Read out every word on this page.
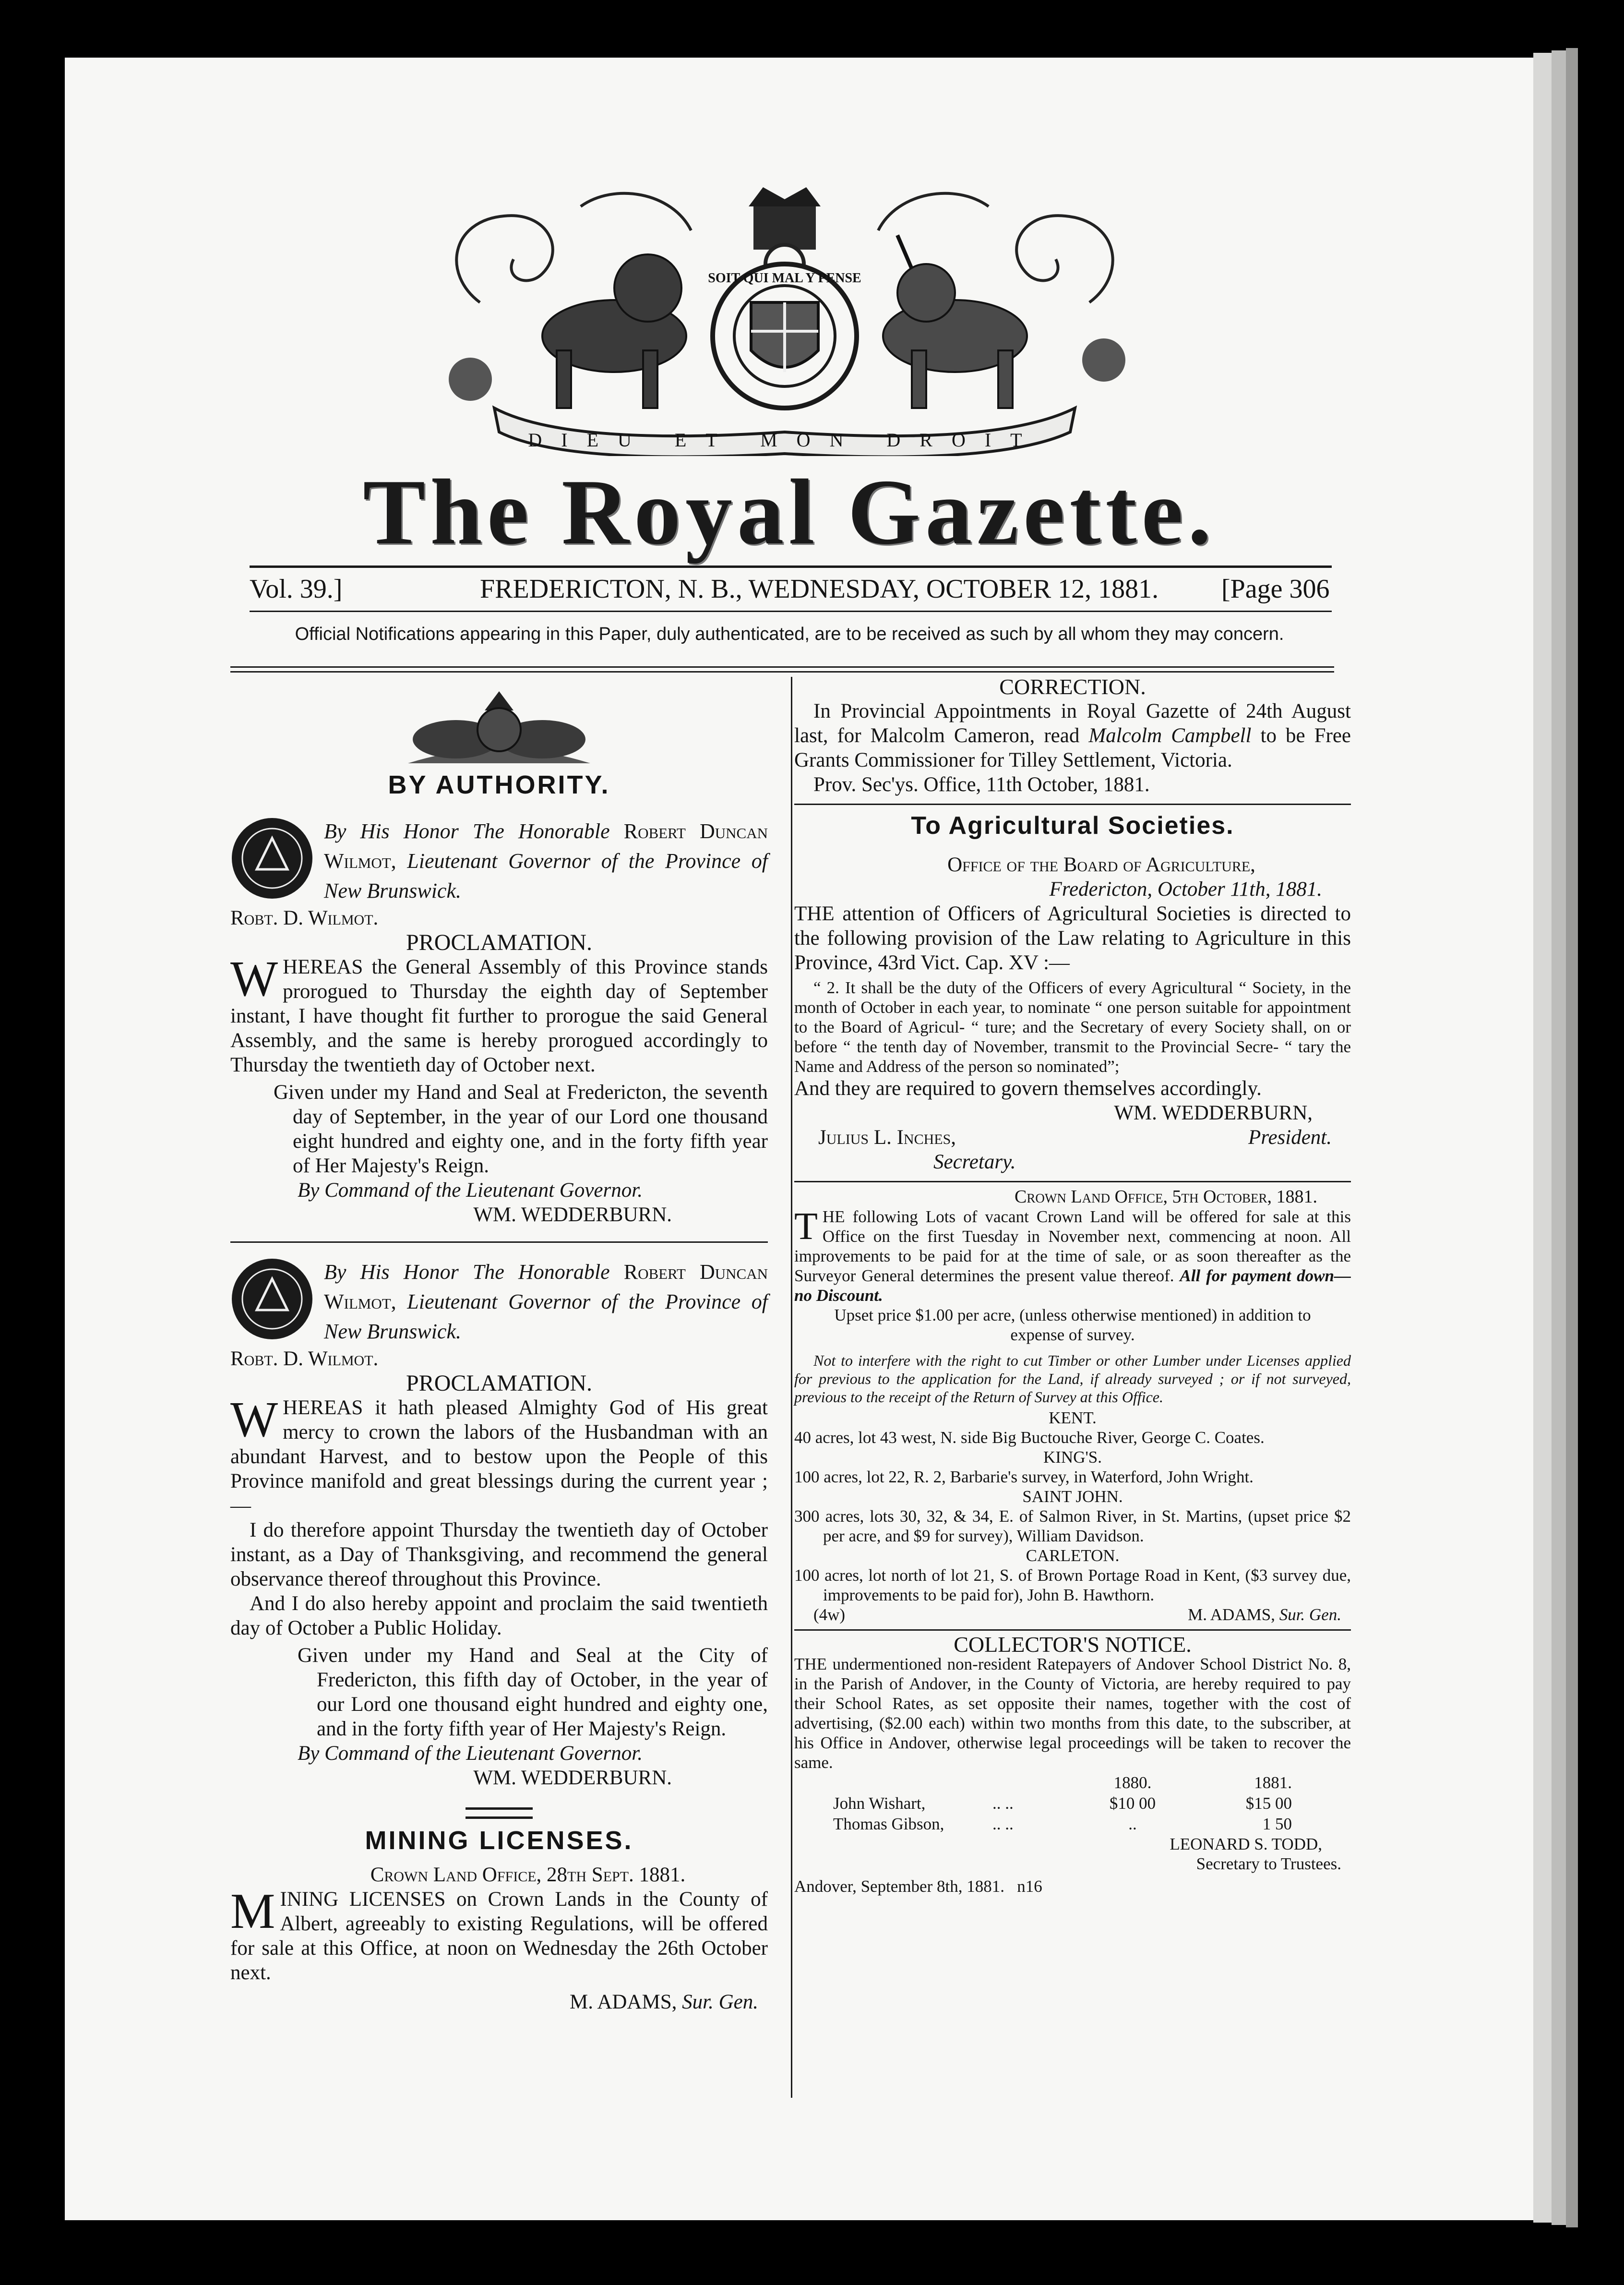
SOIT QUI MAL Y PENSE
DIEU ET MON DROIT
The Royal Gazette.
Vol. 39.]	FREDERICTON, N. B., WEDNESDAY, OCTOBER 12, 1881. [Page 306
Official Notifications appearing in this Paper, duly authenticated, are to be received as such by all whom they may concern.

BY AUTHORITY.

By His Honor The Honorable Robert Duncan Wilmot, Lieutenant Governor of the Province of New Brunswick.

Robt. D. Wilmot.

PROCLAMATION.

WHEREAS the General Assembly of this Province stands prorogued to Thursday the eighth day of September instant, I have thought fit further to prorogue the said General Assembly, and the same is hereby prorogued accordingly to Thursday the twentieth day of October next.

Given under my Hand and Seal at Fredericton, the seventh day of September, in the year of our Lord one thousand eight hundred and eighty one, and in the forty fifth year of Her Majesty's Reign.

By Command of the Lieutenant Governor.

WM. WEDDERBURN.

By His Honor The Honorable Robert Duncan Wilmot, Lieutenant Governor of the Province of New Brunswick.

Robt. D. Wilmot.

PROCLAMATION.

WHEREAS it hath pleased Almighty God of His great mercy to crown the labors of the Husbandman with an abundant Harvest, and to bestow upon the People of this Province manifold and great blessings during the current year ;—

I do therefore appoint Thursday the twentieth day of October instant, as a Day of Thanksgiving, and recommend the general observance thereof throughout this Province.

And I do also hereby appoint and proclaim the said twentieth day of October a Public Holiday.

Given under my Hand and Seal at the City of Fredericton, this fifth day of October, in the year of our Lord one thousand eight hundred and eighty one, and in the forty fifth year of Her Majesty's Reign.

By Command of the Lieutenant Governor.

WM. WEDDERBURN.

MINING LICENSES.

Crown Land Office, 28th Sept. 1881.

MINING LICENSES on Crown Lands in the County of Albert, agreeably to existing Regulations, will be offered for sale at this Office, at noon on Wednesday the 26th October next.

M. ADAMS, Sur. Gen.

CORRECTION.

In Provincial Appointments in Royal Gazette of 24th August last, for Malcolm Cameron, read Malcolm Campbell to be Free Grants Commissioner for Tilley Settlement, Victoria.

Prov. Sec'ys. Office, 11th October, 1881.

To Agricultural Societies.

Office of the Board of Agriculture,

Fredericton, October 11th, 1881.

THE attention of Officers of Agricultural Societies is directed to the following provision of the Law relating to Agriculture in this Province, 43rd Vict. Cap. XV :—

“ 2. It shall be the duty of the Officers of every Agricultural “ Society, in the month of October in each year, to nominate “ one person suitable for appointment to the Board of Agricul- “ ture; and the Secretary of every Society shall, on or before “ the tenth day of November, transmit to the Provincial Secre- “ tary the Name and Address of the person so nominated”;

And they are required to govern themselves accordingly.

WM. WEDDERBURN,

Julius L. Inches,	President.

Secretary.

Crown Land Office, 5th October, 1881.

THE following Lots of vacant Crown Land will be offered for sale at this Office on the first Tuesday in November next, commencing at noon. All improvements to be paid for at the time of sale, or as soon thereafter as the Surveyor General determines the present value thereof. All for payment down—no Discount.

Upset price $1.00 per acre, (unless otherwise mentioned) in addition to expense of survey.

Not to interfere with the right to cut Timber or other Lumber under Licenses applied for previous to the application for the Land, if already surveyed ; or if not surveyed, previous to the receipt of the Return of Survey at this Office.

KENT.

40 acres, lot 43 west, N. side Big Buctouche River, George C. Coates.

KING'S.

100 acres, lot 22, R. 2, Barbarie's survey, in Waterford, John Wright.

SAINT JOHN.

300 acres, lots 30, 32, & 34, E. of Salmon River, in St. Martins, (upset price $2 per acre, and $9 for survey), William Davidson.

CARLETON.

100 acres, lot north of lot 21, S. of Brown Portage Road in Kent, ($3 survey due, improvements to be paid for), John B. Hawthorn.

(4w)	M. ADAMS, Sur. Gen.

COLLECTOR'S NOTICE.

THE undermentioned non-resident Ratepayers of Andover School District No. 8, in the Parish of Andover, in the County of Victoria, are hereby required to pay their School Rates, as set opposite their names, together with the cost of advertising, ($2.00 each) within two months from this date, to the subscriber, at his Office in Andover, otherwise legal proceedings will be taken to recover the same.

		1880.	1881.
John Wishart,	.. ..	$10 00	$15 00
Thomas Gibson,	.. ..	..	1 50

LEONARD S. TODD,

Secretary to Trustees.

Andover, September 8th, 1881. n16
